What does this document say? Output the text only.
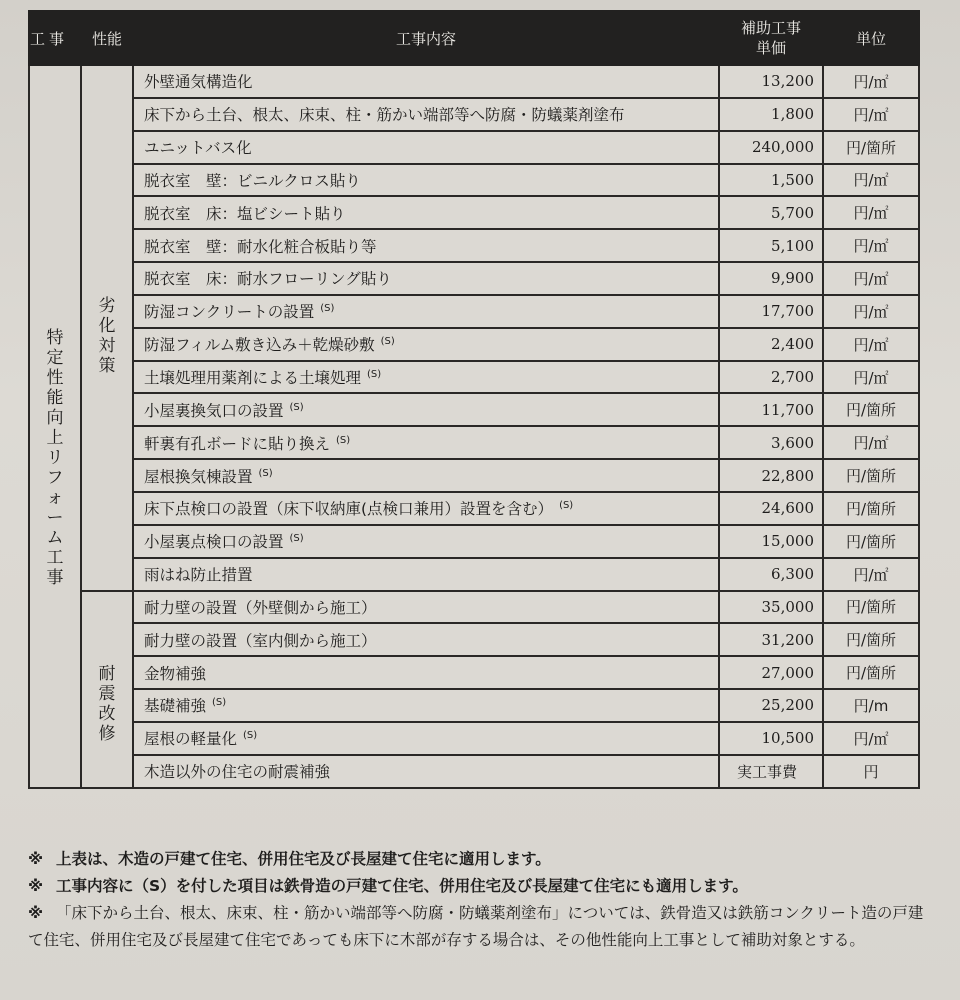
工事	性能	工事内容	補助工事単価	単位
特定性能向上リフォーム工事	劣化対策	外壁通気構造化	13,200	円/㎡
		床下から土台、根太、床束、柱・筋かい端部等へ防腐・防蟻薬剤塗布	1,800	円/㎡
		ユニットバス化	240,000	円/箇所
		脱衣室　壁：ビニルクロス貼り	1,500	円/㎡
		脱衣室　床：塩ビシート貼り	5,700	円/㎡
		脱衣室　壁：耐水化粧合板貼り等	5,100	円/㎡
		脱衣室　床：耐水フローリング貼り	9,900	円/㎡
		防湿コンクリートの設置 $^{(S)}$	17,700	円/㎡
		防湿フィルム敷き込み＋乾燥砂敷 $^{(S)}$	2,400	円/㎡
		土壌処理用薬剤による土壌処理 $^{(S)}$	2,700	円/㎡
		小屋裏換気口の設置 $^{(S)}$	11,700	円/箇所
		軒裏有孔ボードに貼り換え $^{(S)}$	3,600	円/㎡
		屋根換気棟設置 $^{(S)}$	22,800	円/箇所
		床下点検口の設置（床下収納庫(点検口兼用）設置を含む） $^{(S)}$	24,600	円/箇所
		小屋裏点検口の設置 $^{(S)}$	15,000	円/箇所
		雨はね防止措置	6,300	円/㎡
	耐震改修	耐力壁の設置（外壁側から施工）	35,000	円/箇所
		耐力壁の設置（室内側から施工）	31,200	円/箇所
		金物補強	27,000	円/箇所
		基礎補強 $^{(S)}$	25,200	円/m
		屋根の軽量化 $^{(S)}$	10,500	円/㎡
		木造以外の住宅の耐震補強	実工事費	円
※ 上表は、木造の戸建て住宅、併用住宅及び長屋建て住宅に適用します。
※ 工事内容に（S）を付した項目は鉄骨造の戸建て住宅、併用住宅及び長屋建て住宅にも適用します。
※ 「床下から土台、根太、床束、柱・筋かい端部等へ防腐・防蟻薬剤塗布」については、鉄骨造又は鉄筋コンクリート造の戸建て住宅、併用住宅及び長屋建て住宅であっても床下に木部が存する場合は、その他性能向上工事として補助対象とする。
